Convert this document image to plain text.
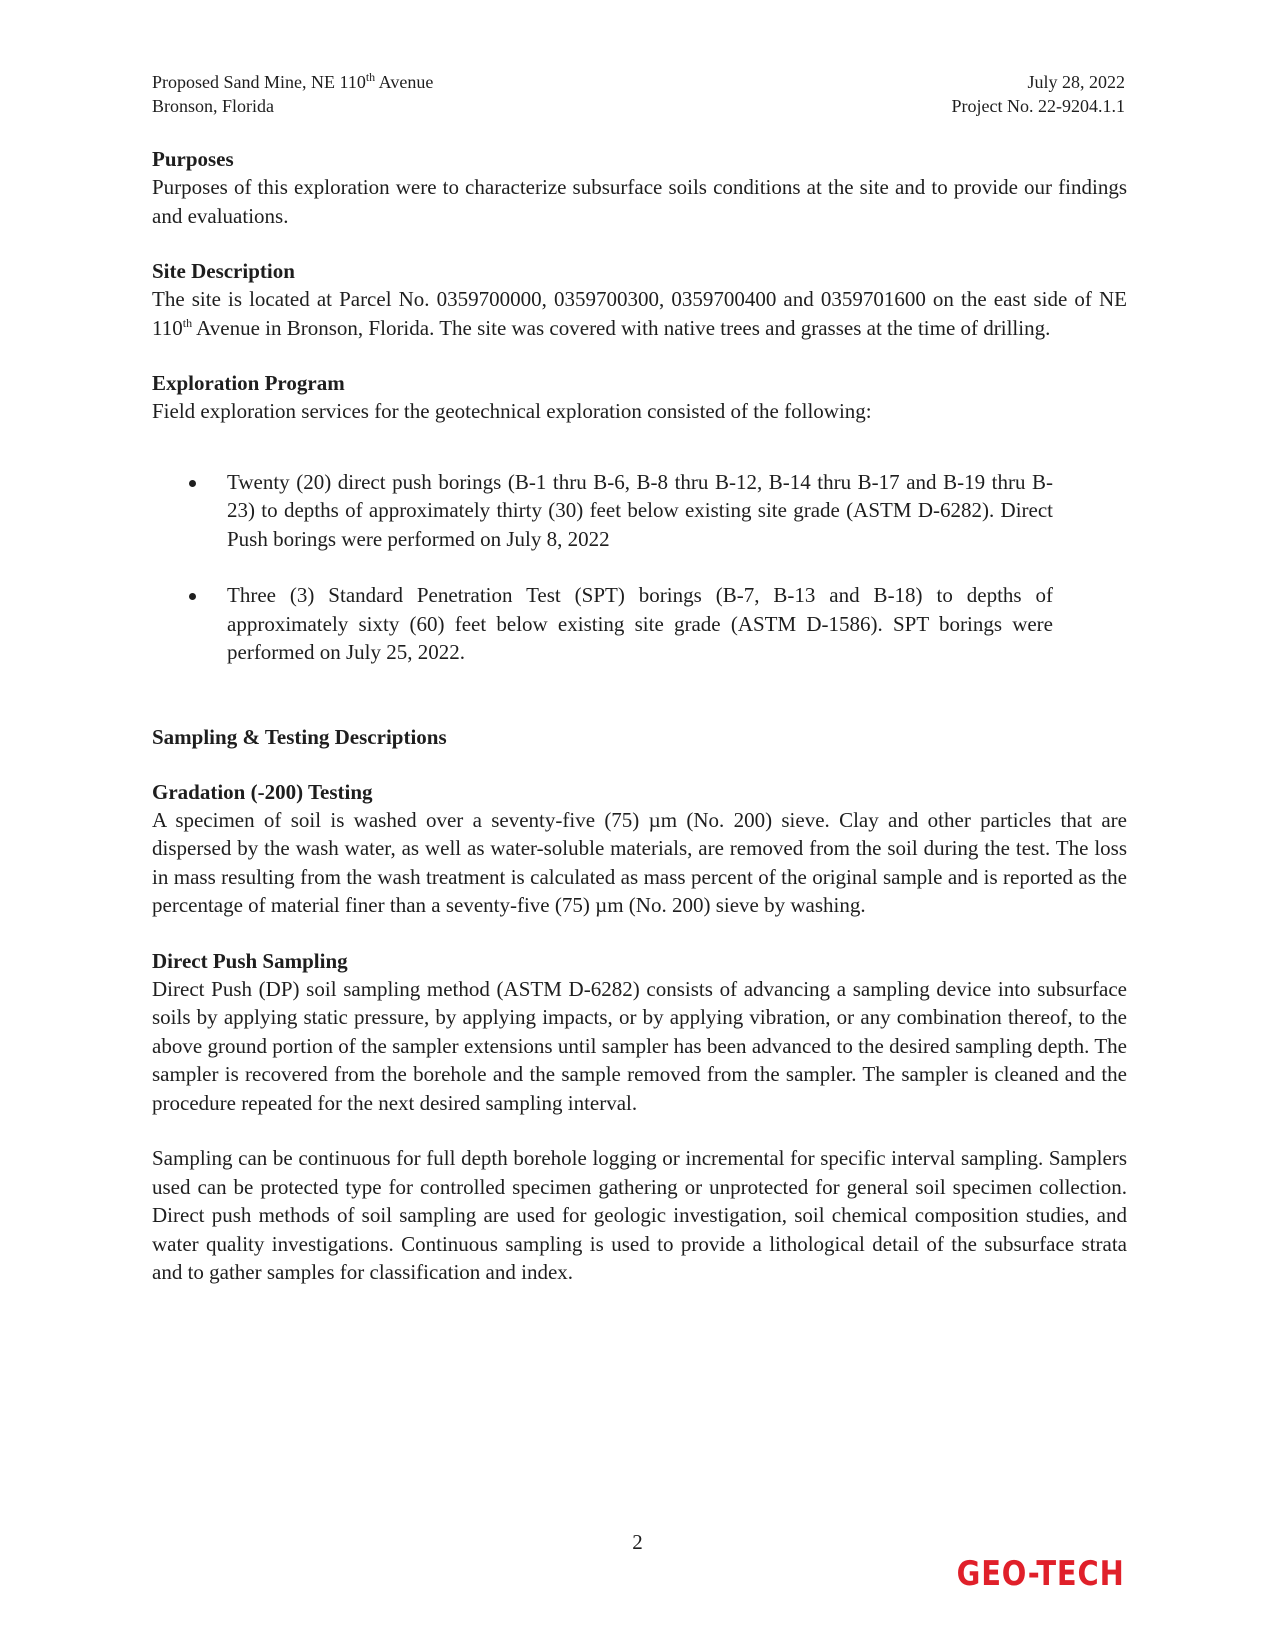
Proposed Sand Mine, NE 110th Avenue
Bronson, Florida
July 28, 2022
Project No. 22-9204.1.1

Purposes

Purposes of this exploration were to characterize subsurface soils conditions at the site and to provide our findings and evaluations.

Site Description

The site is located at Parcel No. 0359700000, 0359700300, 0359700400 and 0359701600 on the east side of NE 110th Avenue in Bronson, Florida. The site was covered with native trees and grasses at the time of drilling.

Exploration Program

Field exploration services for the geotechnical exploration consisted of the following:

Twenty (20) direct push borings (B-1 thru B-6, B-8 thru B-12, B-14 thru B-17 and B-19 thru B-23) to depths of approximately thirty (30) feet below existing site grade (ASTM D-6282). Direct Push borings were performed on July 8, 2022
Three (3) Standard Penetration Test (SPT) borings (B-7, B-13 and B-18) to depths of approximately sixty (60) feet below existing site grade (ASTM D-1586). SPT borings were performed on July 25, 2022.

Sampling & Testing Descriptions

Gradation (-200) Testing

A specimen of soil is washed over a seventy-five (75) µm (No. 200) sieve. Clay and other particles that are dispersed by the wash water, as well as water-soluble materials, are removed from the soil during the test. The loss in mass resulting from the wash treatment is calculated as mass percent of the original sample and is reported as the percentage of material finer than a seventy-five (75) µm (No. 200) sieve by washing.

Direct Push Sampling

Direct Push (DP) soil sampling method (ASTM D-6282) consists of advancing a sampling device into subsurface soils by applying static pressure, by applying impacts, or by applying vibration, or any combination thereof, to the above ground portion of the sampler extensions until sampler has been advanced to the desired sampling depth. The sampler is recovered from the borehole and the sample removed from the sampler. The sampler is cleaned and the procedure repeated for the next desired sampling interval.

Sampling can be continuous for full depth borehole logging or incremental for specific interval sampling. Samplers used can be protected type for controlled specimen gathering or unprotected for general soil specimen collection. Direct push methods of soil sampling are used for geologic investigation, soil chemical composition studies, and water quality investigations. Continuous sampling is used to provide a lithological detail of the subsurface strata and to gather samples for classification and index.

2
GEO-TECH
